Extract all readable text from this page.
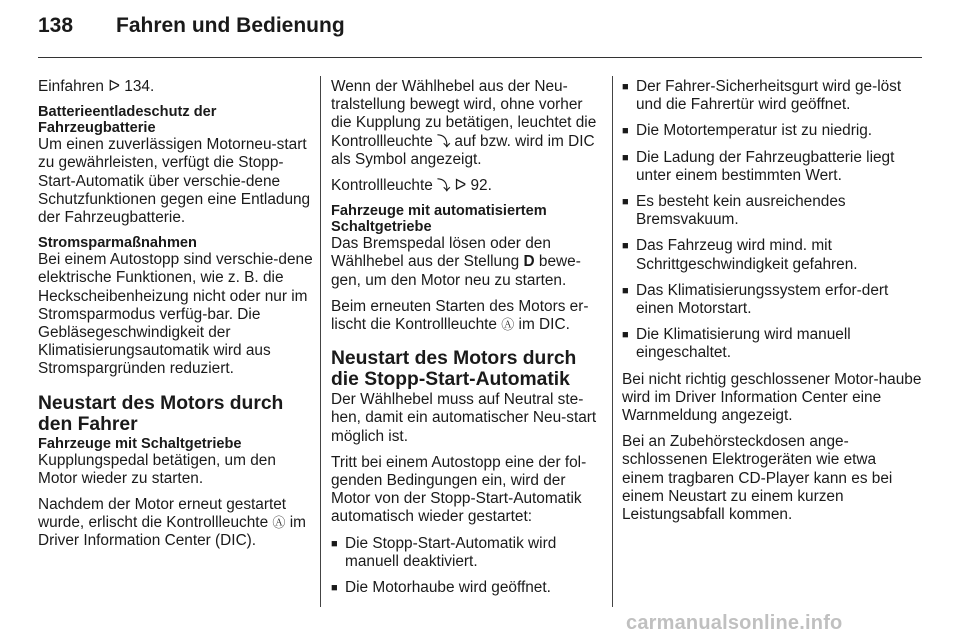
138 Fahren und Bedienung

Einfahren ᐅ 134.

Batterieentladeschutz der Fahrzeugbatterie

Um einen zuverlässigen Motorneu-start zu gewährleisten, verfügt die Stopp-Start-Automatik über verschie-dene Schutzfunktionen gegen eine Entladung der Fahrzeugbatterie.

Stromsparmaßnahmen

Bei einem Autostopp sind verschie-dene elektrische Funktionen, wie z. B. die Heckscheibenheizung nicht oder nur im Stromsparmodus verfüg-bar. Die Gebläsegeschwindigkeit der Klimatisierungsautomatik wird aus Stromspargründen reduziert.

Neustart des Motors durch den Fahrer
Fahrzeuge mit Schaltgetriebe

Kupplungspedal betätigen, um den Motor wieder zu starten.

Nachdem der Motor erneut gestartet wurde, erlischt die Kontrollleuchte Ⓐ im Driver Information Center (DIC).

Wenn der Wählhebel aus der Neu-tralstellung bewegt wird, ohne vorher die Kupplung zu betätigen, leuchtet die Kontrollleuchte ⤵ auf bzw. wird im DIC als Symbol angezeigt.

Kontrollleuchte ⤵ ᐅ 92.

Fahrzeuge mit automatisiertem Schaltgetriebe

Das Bremspedal lösen oder den Wählhebel aus der Stellung D bewe-gen, um den Motor neu zu starten.

Beim erneuten Starten des Motors er-lischt die Kontrollleuchte Ⓐ im DIC.

Neustart des Motors durch die Stopp-Start-Automatik

Der Wählhebel muss auf Neutral ste-hen, damit ein automatischer Neu-start möglich ist.

Tritt bei einem Autostopp eine der fol-genden Bedingungen ein, wird der Motor von der Stopp-Start-Automatik automatisch wieder gestartet:

■ Die Stopp-Start-Automatik wird manuell deaktiviert.
■ Die Motorhaube wird geöffnet.
■ Der Fahrer-Sicherheitsgurt wird ge-löst und die Fahrertür wird geöffnet.
■ Die Motortemperatur ist zu niedrig.
■ Die Ladung der Fahrzeugbatterie liegt unter einem bestimmten Wert.
■ Es besteht kein ausreichendes Bremsvakuum.
■ Das Fahrzeug wird mind. mit Schrittgeschwindigkeit gefahren.
■ Das Klimatisierungssystem erfor-dert einen Motorstart.
■ Die Klimatisierung wird manuell eingeschaltet.

Bei nicht richtig geschlossener Motor-haube wird im Driver Information Center eine Warnmeldung angezeigt.

Bei an Zubehörsteckdosen ange-schlossenen Elektrogeräten wie etwa einem tragbaren CD-Player kann es bei einem Neustart zu einem kurzen Leistungsabfall kommen.

carmanualsonline.info
